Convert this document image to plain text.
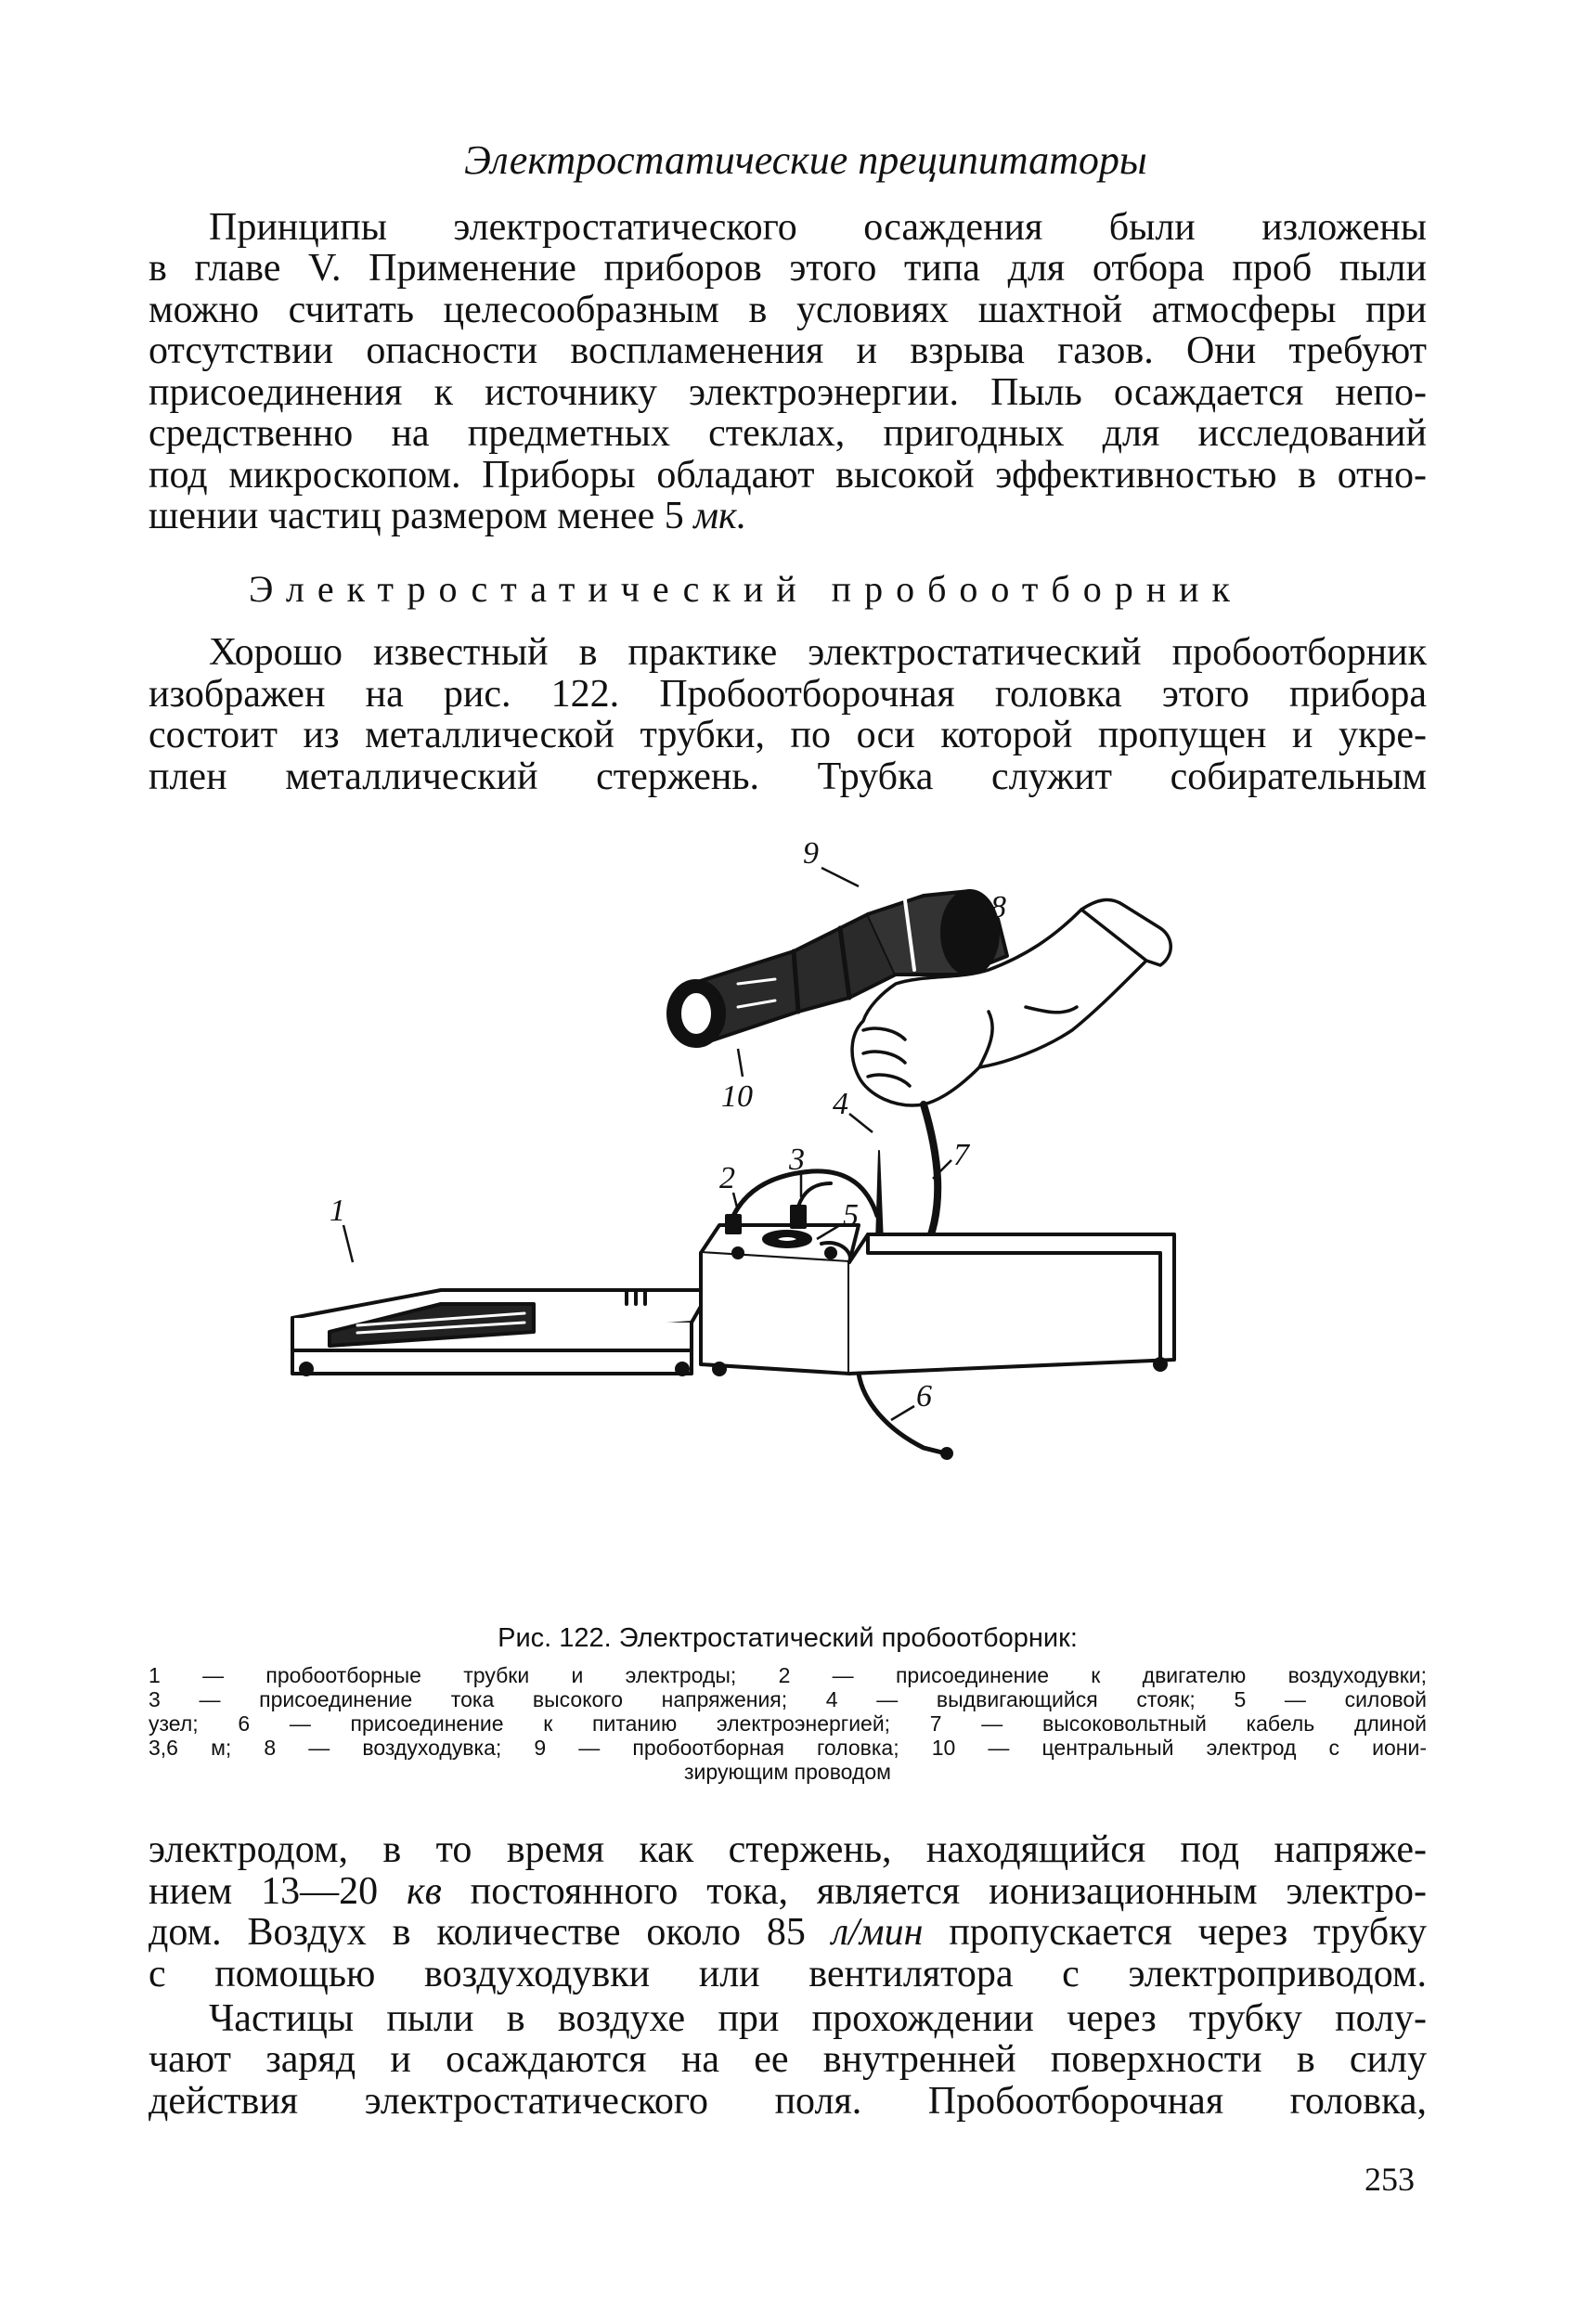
Электростатические преципитаторы
Принципы электростатического осаждения были изложены
в главе V. Применение приборов этого типа для отбора проб пыли
можно считать целесообразным в условиях шахтной атмосферы при
отсутствии опасности воспламенения и взрыва газов. Они требуют
присоединения к источнику электроэнергии. Пыль осаждается непо-
средственно на предметных стеклах, пригодных для исследований
под микроскопом. Приборы обладают высокой эффективностью в отно-
шении частиц размером менее 5 мк.
Электростатический пробоотборник
Хорошо известный в практике электростатический пробоотборник
изображен на рис. 122. Пробоотборочная головка этого прибора
состоит из металлической трубки, по оси которой пропущен и укре-
плен металлический стержень. Трубка служит собирательным
1
2
3
4
5
6
7
8
9
10
Рис. 122. Электростатический пробоотборник:
1 — пробоотборные трубки и электроды; 2 — присоединение к двигателю воздуходувки;
3 — присоединение тока высокого напряжения; 4 — выдвигающийся стояк; 5 — силовой
узел; 6 — присоединение к питанию электроэнергией; 7 — высоковольтный кабель длиной
3,6 м; 8 — воздуходувка; 9 — пробоотборная головка; 10 — центральный электрод с иони-
зирующим проводом
электродом, в то время как стержень, находящийся под напряже-
нием 13—20 кв постоянного тока, является ионизационным электро-
дом. Воздух в количестве около 85 л/мин пропускается через трубку
с помощью воздуходувки или вентилятора с электроприводом.
Частицы пыли в воздухе при прохождении через трубку полу-
чают заряд и осаждаются на ее внутренней поверхности в силу
действия электростатического поля. Пробоотборочная головка,
253
